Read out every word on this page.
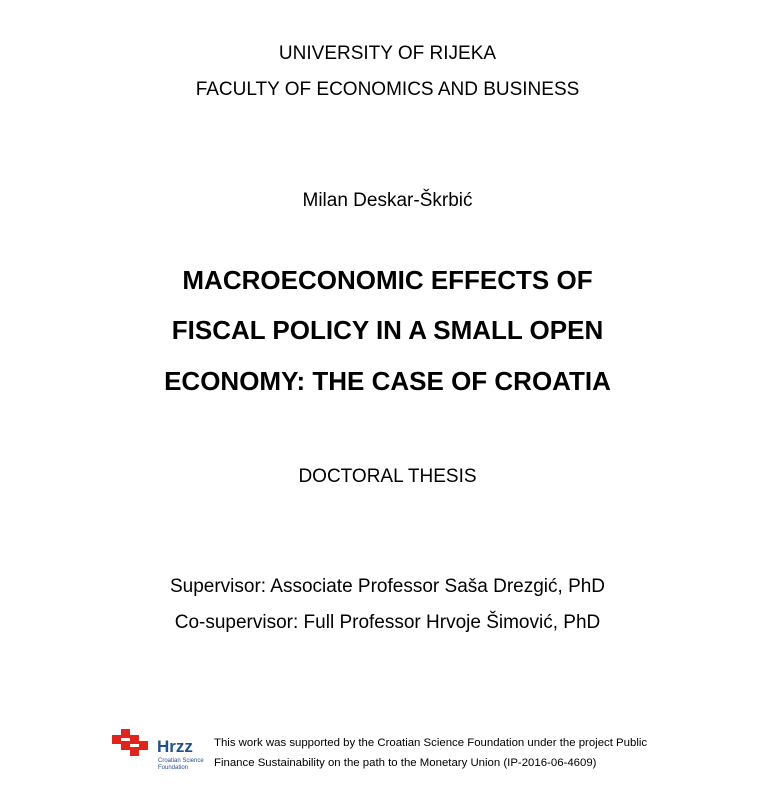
UNIVERSITY OF RIJEKA
FACULTY OF ECONOMICS AND BUSINESS
Milan Deskar-Škrbić
MACROECONOMIC EFFECTS OF
FISCAL POLICY IN A SMALL OPEN
ECONOMY: THE CASE OF CROATIA
DOCTORAL THESIS
Supervisor: Associate Professor Saša Drezgić, PhD
Co-supervisor: Full Professor Hrvoje Šimović, PhD
Hrzz
Croatian Science
Foundation
This work was supported by the Croatian Science Foundation under the project Public
Finance Sustainability on the path to the Monetary Union (IP-2016-06-4609)
